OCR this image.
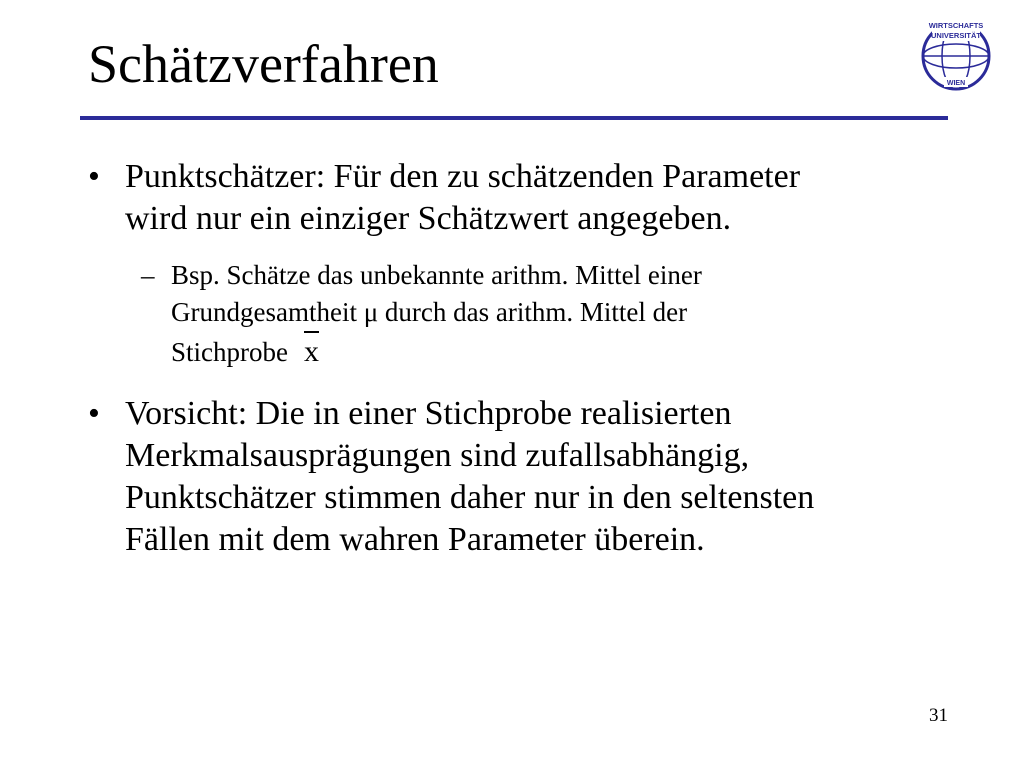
Schätzverfahren
WIRTSCHAFTS
UNIVERSITÄT
WIEN
• Punktschätzer: Für den zu schätzenden Parameter
wird nur ein einziger Schätzwert angegeben.
– Bsp. Schätze das unbekannte arithm. Mittel einer
Grundgesamtheit μ durch das arithm. Mittel der
Stichprobe x
• Vorsicht: Die in einer Stichprobe realisierten
Merkmalsausprägungen sind zufallsabhängig,
Punktschätzer stimmen daher nur in den seltensten
Fällen mit dem wahren Parameter überein.
31
